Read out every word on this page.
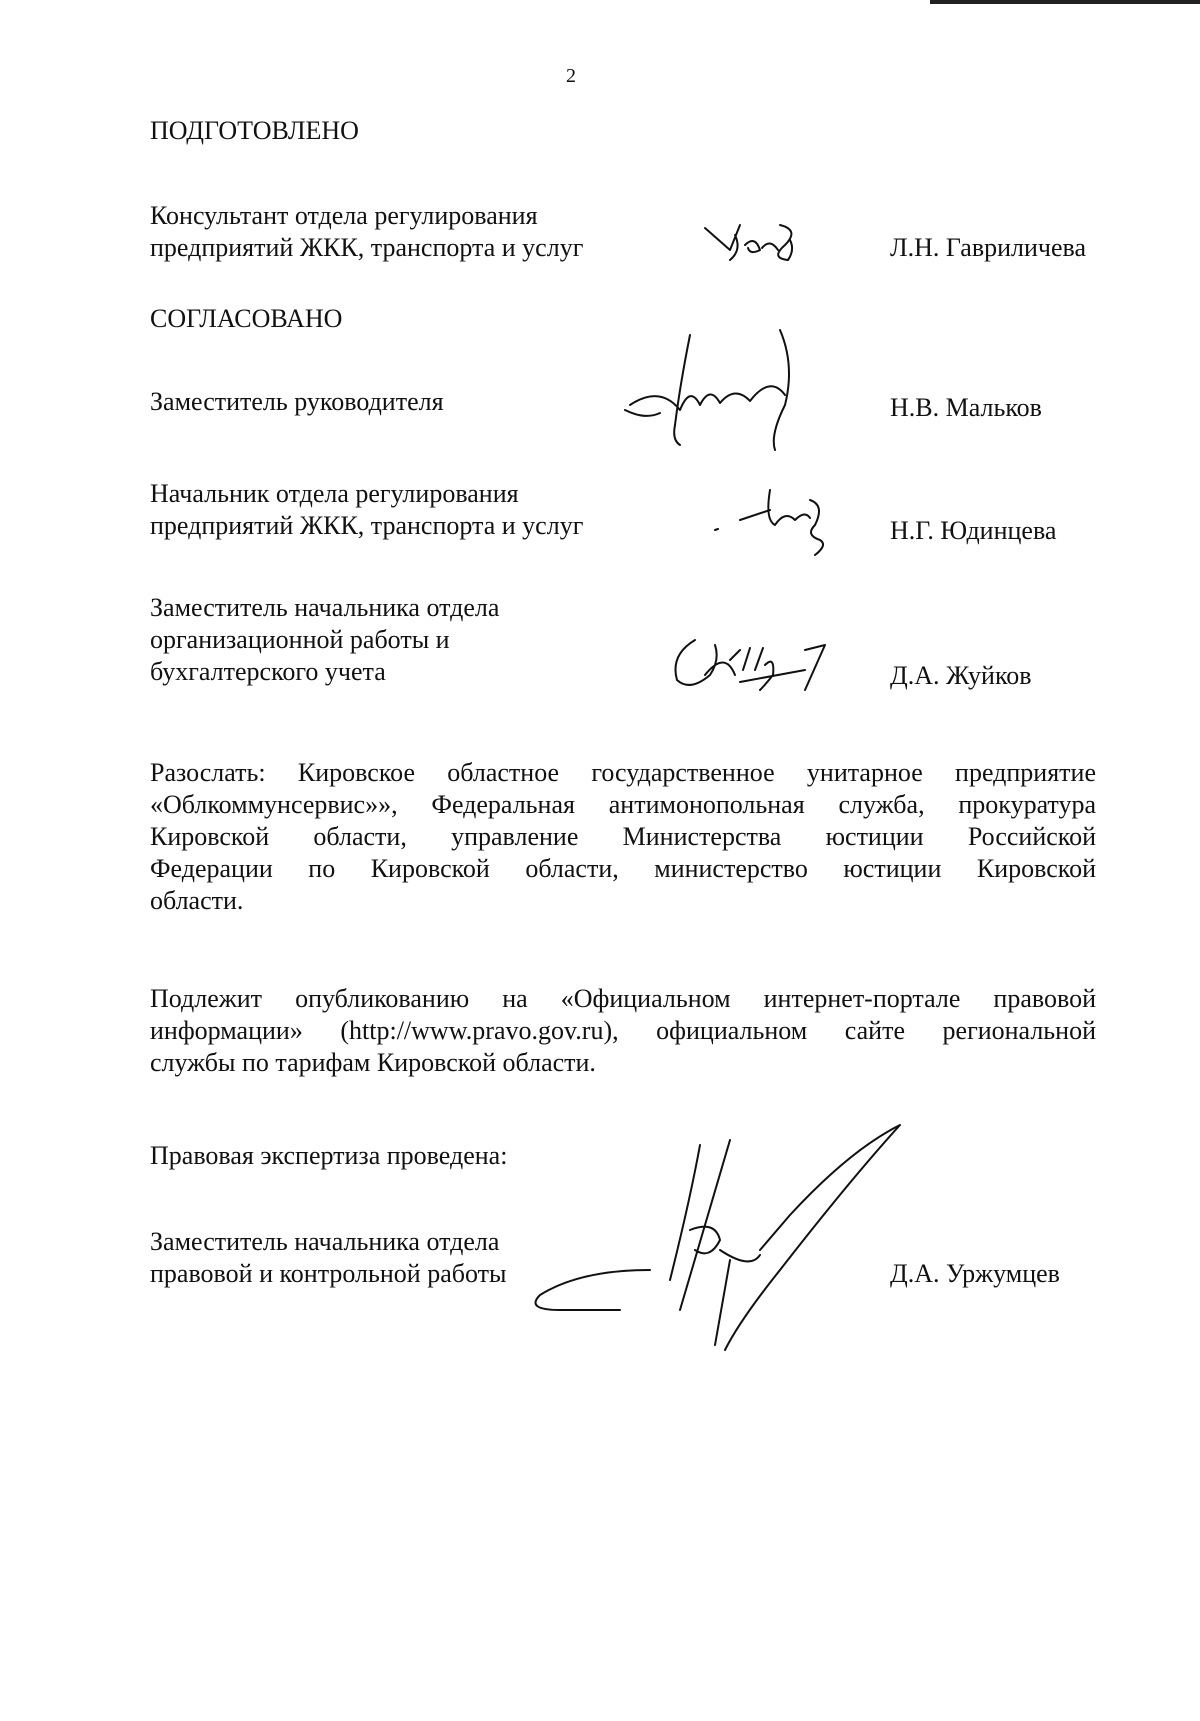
2
ПОДГОТОВЛЕНО
Консультант отдела регулирования
предприятий ЖКК, транспорта и услуг	Л.Н. Гавриличева
СОГЛАСОВАНО
Заместитель руководителя	Н.В. Мальков
Начальник отдела регулирования
предприятий ЖКК, транспорта и услуг	Н.Г. Юдинцева
Заместитель начальника отдела
организационной работы и
бухгалтерского учета	Д.А. Жуйков
Разослать: Кировское областное государственное унитарное предприятие
«Облкоммунсервис»», Федеральная антимонопольная служба, прокуратура
Кировской области, управление Министерства юстиции Российской
Федерации по Кировской области, министерство юстиции Кировской
области.
Подлежит опубликованию на «Официальном интернет-портале правовой
информации» (http://www.pravo.gov.ru), официальном сайте региональной
службы по тарифам Кировской области.
Правовая экспертиза проведена:
Заместитель начальника отдела
правовой и контрольной работы	Д.А. Уржумцев
